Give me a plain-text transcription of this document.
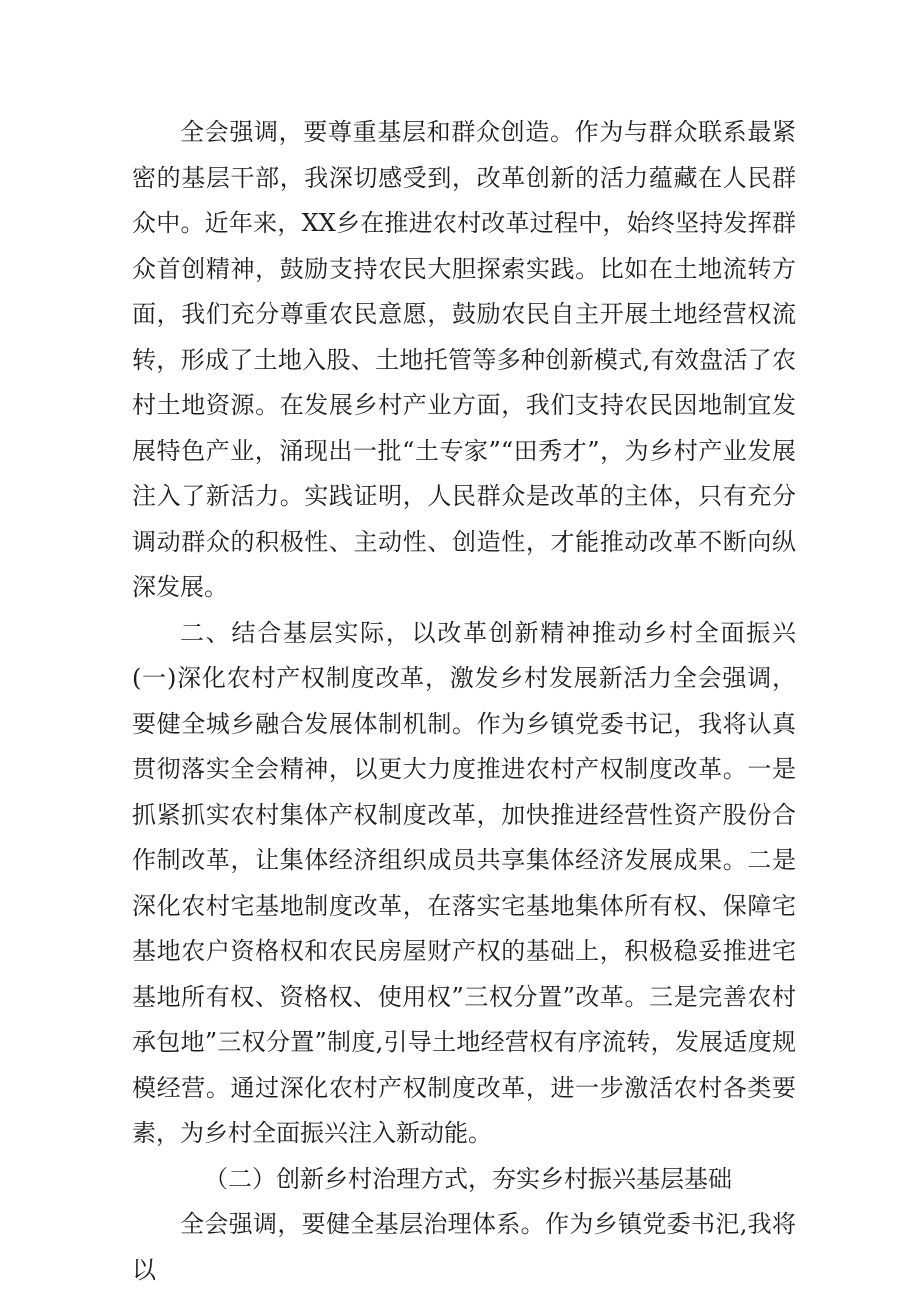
全会强调，要尊重基层和群众创造。作为与群众联系最紧密的基层干部，我深切感受到，改革创新的活力蕴藏在人民群众中。近年来，XX乡在推进农村改革过程中，始终坚持发挥群众首创精神，鼓励支持农民大胆探索实践。比如在土地流转方面，我们充分尊重农民意愿，鼓励农民自主开展土地经营权流转，形成了土地入股、土地托管等多种创新模式,有效盘活了农村土地资源。在发展乡村产业方面，我们支持农民因地制宜发展特色产业，涌现出一批“土专家”“田秀才”，为乡村产业发展注入了新活力。实践证明，人民群众是改革的主体，只有充分调动群众的积极性、主动性、创造性，才能推动改革不断向纵深发展。

二、结合基层实际，以改革创新精神推动乡村全面振兴(一)深化农村产权制度改革，激发乡村发展新活力全会强调，要健全城乡融合发展体制机制。作为乡镇党委书记，我将认真贯彻落实全会精神，以更大力度推进农村产权制度改革。一是抓紧抓实农村集体产权制度改革，加快推进经营性资产股份合作制改革，让集体经济组织成员共享集体经济发展成果。二是深化农村宅基地制度改革，在落实宅基地集体所有权、保障宅基地农户资格权和农民房屋财产权的基础上，积极稳妥推进宅基地所有权、资格权、使用权”三权分置”改革。三是完善农村承包地”三权分置”制度,引导土地经营权有序流转，发展适度规模经营。通过深化农村产权制度改革，进一步激活农村各类要素，为乡村全面振兴注入新动能。

（二）创新乡村治理方式，夯实乡村振兴基层基础

全会强调，要健全基层治理体系。作为乡镇党委书汜,我将以
